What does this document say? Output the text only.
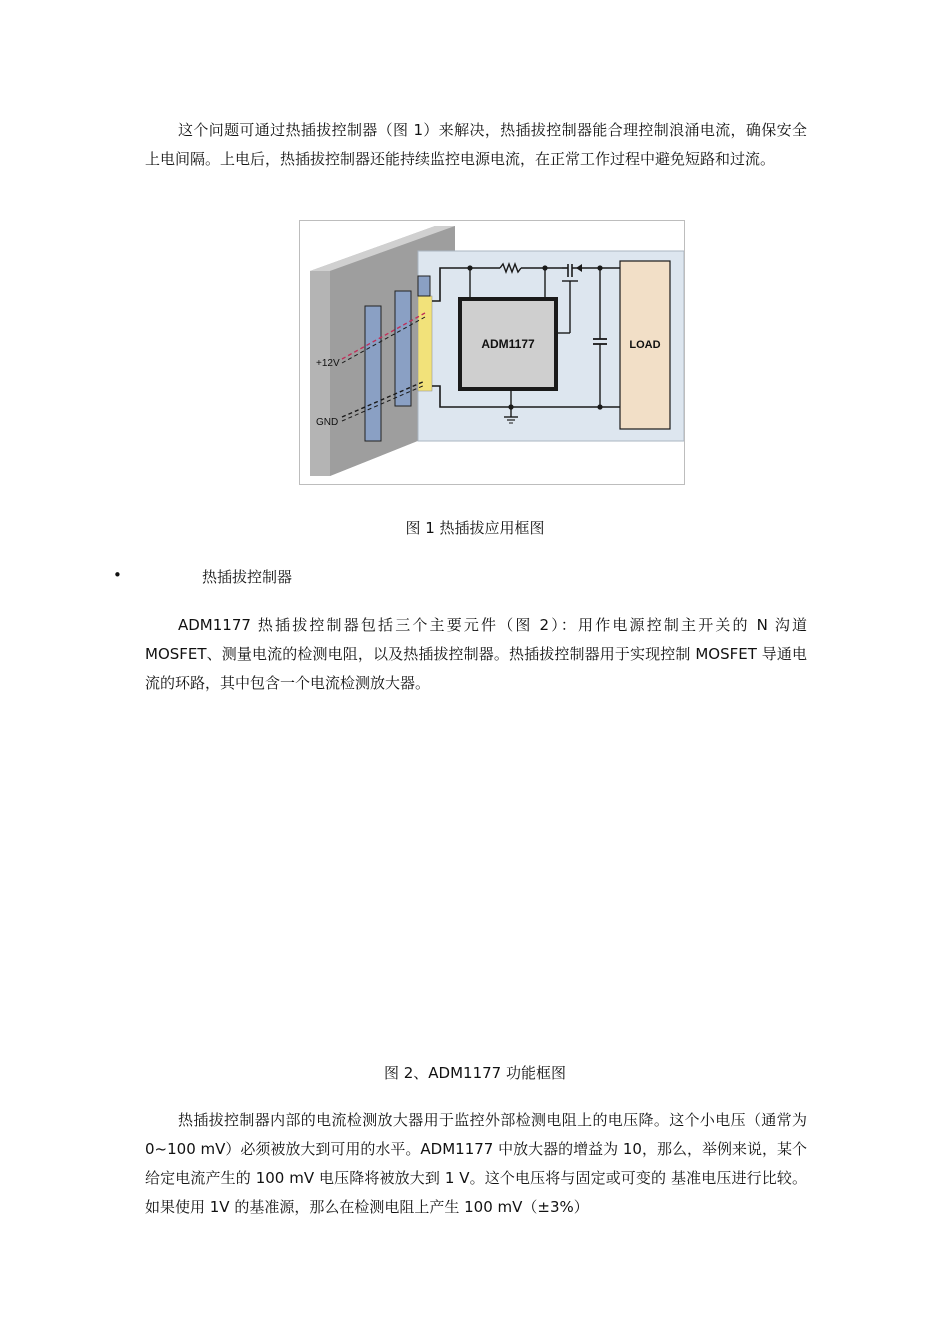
这个问题可通过热插拔控制器（图 1）来解决，热插拔控制器能合理控制浪涌电流，确保安全上电间隔。上电后，热插拔控制器还能持续监控电源电流，在正常工作过程中避免短路和过流。

ADM1177	LOAD
+12V
GND

图 1 热插拔应用框图

•	热插拔控制器

ADM1177 热插拔控制器包括三个主要元件（图 2）：用作电源控制主开关的 N 沟道 MOSFET、测量电流的检测电阻，以及热插拔控制器。热插拔控制器用于实现控制 MOSFET 导通电流的环路，其中包含一个电流检测放大器。

图 2、ADM1177 功能框图

热插拔控制器内部的电流检测放大器用于监控外部检测电阻上的电压降。这个小电压（通常为 0~100 mV）必须被放大到可用的水平。ADM1177 中放大器的增益为 10，那么，举例来说，某个给定电流产生的 100 mV 电压降将被放大到 1 V。这个电压将与固定或可变的 基准电压进行比较。如果使用 1V 的基准源，那么在检测电阻上产生 100 mV（±3%）
